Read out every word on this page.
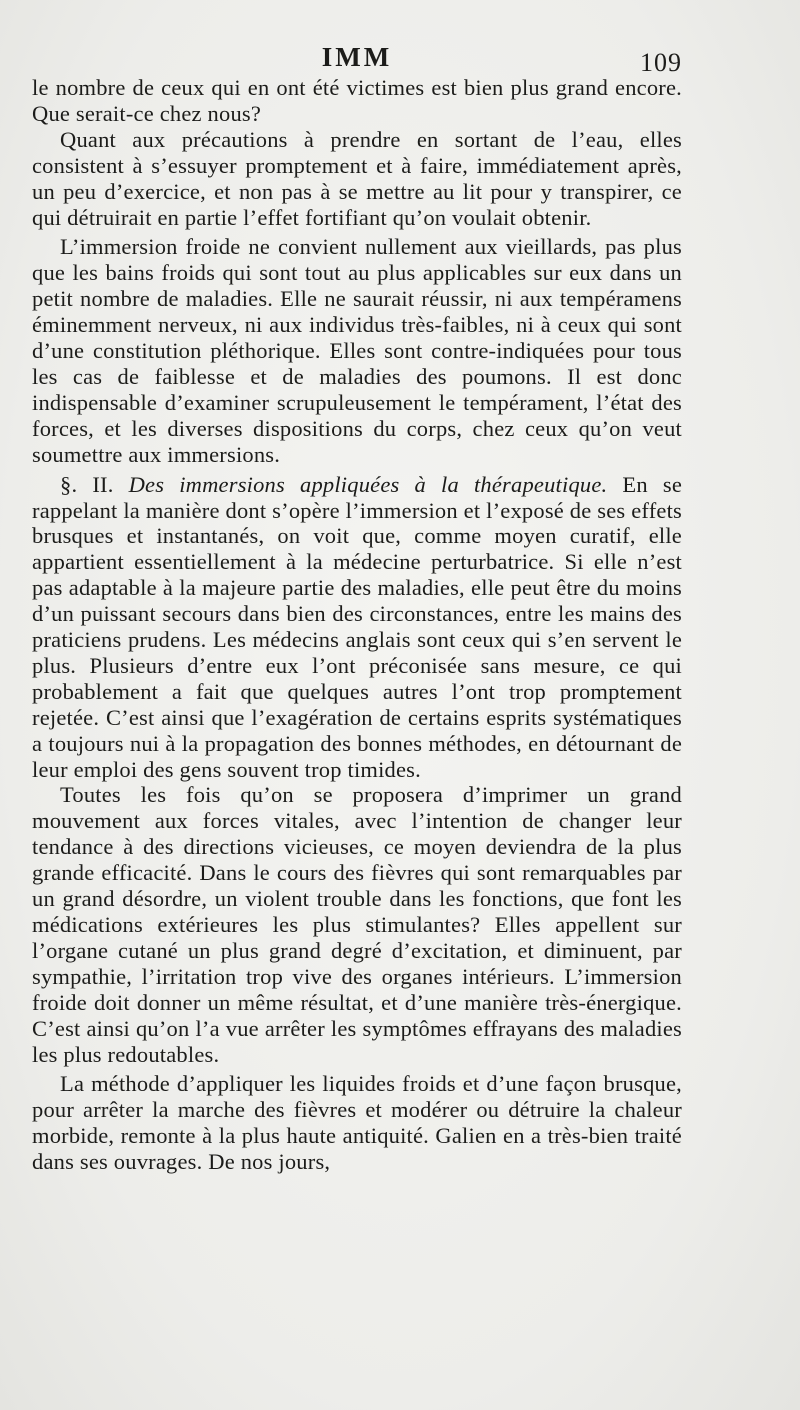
IMM	109

le nombre de ceux qui en ont été victimes est bien plus grand encore. Que serait-ce chez nous?

Quant aux précautions à prendre en sortant de l’eau, elles consistent à s’essuyer promptement et à faire, immédiatement après, un peu d’exercice, et non pas à se mettre au lit pour y transpirer, ce qui détruirait en partie l’effet fortifiant qu’on voulait obtenir.

L’immersion froide ne convient nullement aux vieillards, pas plus que les bains froids qui sont tout au plus applicables sur eux dans un petit nombre de maladies. Elle ne saurait réussir, ni aux tempéramens éminemment nerveux, ni aux individus très-faibles, ni à ceux qui sont d’une constitution pléthorique. Elles sont contre-indiquées pour tous les cas de faiblesse et de maladies des poumons. Il est donc indispensable d’examiner scrupuleusement le tempérament, l’état des forces, et les diverses dispositions du corps, chez ceux qu’on veut soumettre aux immersions.

§. II. Des immersions appliquées à la thérapeutique. En se rappelant la manière dont s’opère l’immersion et l’exposé de ses effets brusques et instantanés, on voit que, comme moyen curatif, elle appartient essentiellement à la médecine perturbatrice. Si elle n’est pas adaptable à la majeure partie des maladies, elle peut être du moins d’un puissant secours dans bien des circonstances, entre les mains des praticiens prudens. Les médecins anglais sont ceux qui s’en servent le plus. Plusieurs d’entre eux l’ont préconisée sans mesure, ce qui probablement a fait que quelques autres l’ont trop promptement rejetée. C’est ainsi que l’exagération de certains esprits systématiques a toujours nui à la propagation des bonnes méthodes, en détournant de leur emploi des gens souvent trop timides.

Toutes les fois qu’on se proposera d’imprimer un grand mouvement aux forces vitales, avec l’intention de changer leur tendance à des directions vicieuses, ce moyen deviendra de la plus grande efficacité. Dans le cours des fièvres qui sont remarquables par un grand désordre, un violent trouble dans les fonctions, que font les médications extérieures les plus stimulantes? Elles appellent sur l’organe cutané un plus grand degré d’excitation, et diminuent, par sympathie, l’irritation trop vive des organes intérieurs. L’immersion froide doit donner un même résultat, et d’une manière très-énergique. C’est ainsi qu’on l’a vue arrêter les symptômes effrayans des maladies les plus redoutables.

La méthode d’appliquer les liquides froids et d’une façon brusque, pour arrêter la marche des fièvres et modérer ou détruire la chaleur morbide, remonte à la plus haute antiquité. Galien en a très-bien traité dans ses ouvrages. De nos jours,
